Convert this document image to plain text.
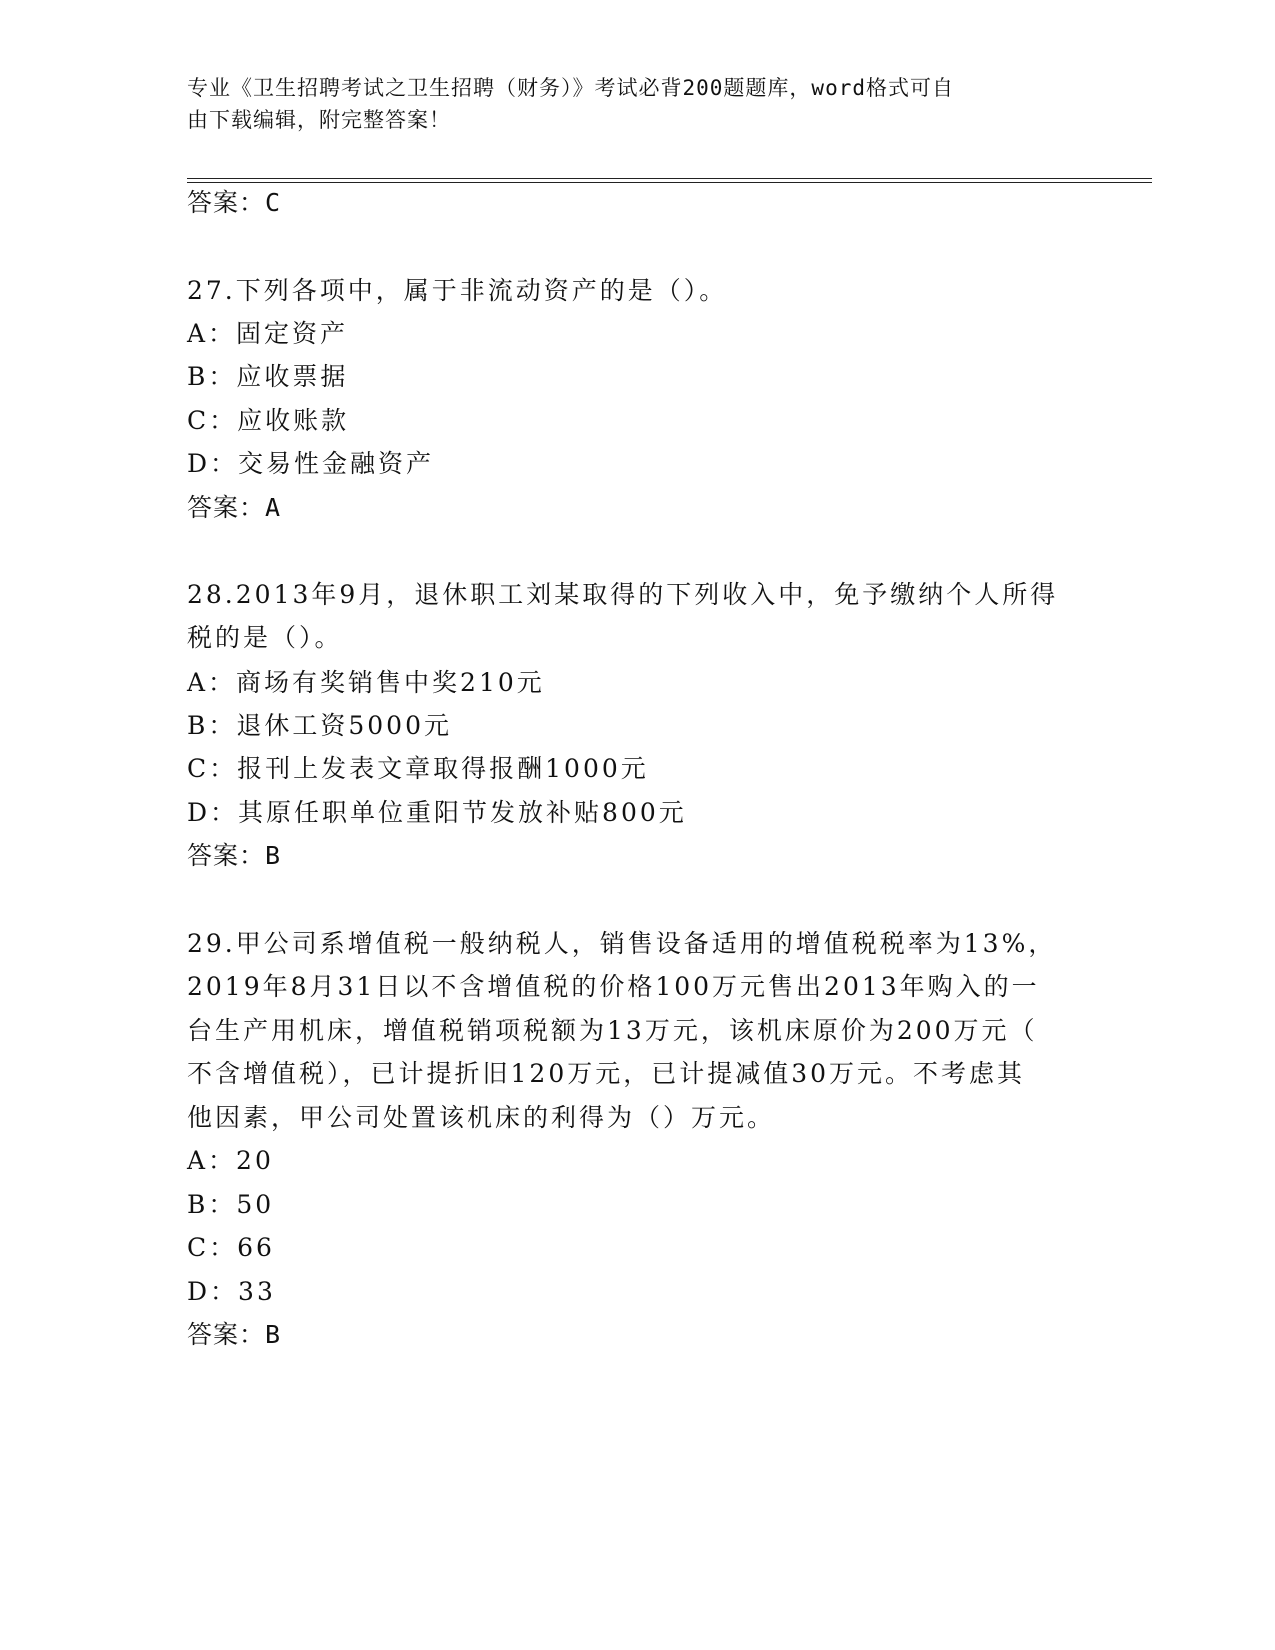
专业《卫生招聘考试之卫生招聘（财务）》考试必背200题题库，word格式可自
由下载编辑，附完整答案！
答案：C
27.下列各项中，属于非流动资产的是（）。
A：固定资产
B：应收票据
C：应收账款
D：交易性金融资产
答案：A
28.2013年9月，退休职工刘某取得的下列收入中，免予缴纳个人所得
税的是（）。
A：商场有奖销售中奖210元
B：退休工资5000元
C：报刊上发表文章取得报酬1000元
D：其原任职单位重阳节发放补贴800元
答案：B
29.甲公司系增值税一般纳税人，销售设备适用的增值税税率为13%，
2019年8月31日以不含增值税的价格100万元售出2013年购入的一
台生产用机床，增值税销项税额为13万元，该机床原价为200万元（
不含增值税），已计提折旧120万元，已计提减值30万元。不考虑其
他因素，甲公司处置该机床的利得为（）万元。
A：20
B：50
C：66
D：33
答案：B
